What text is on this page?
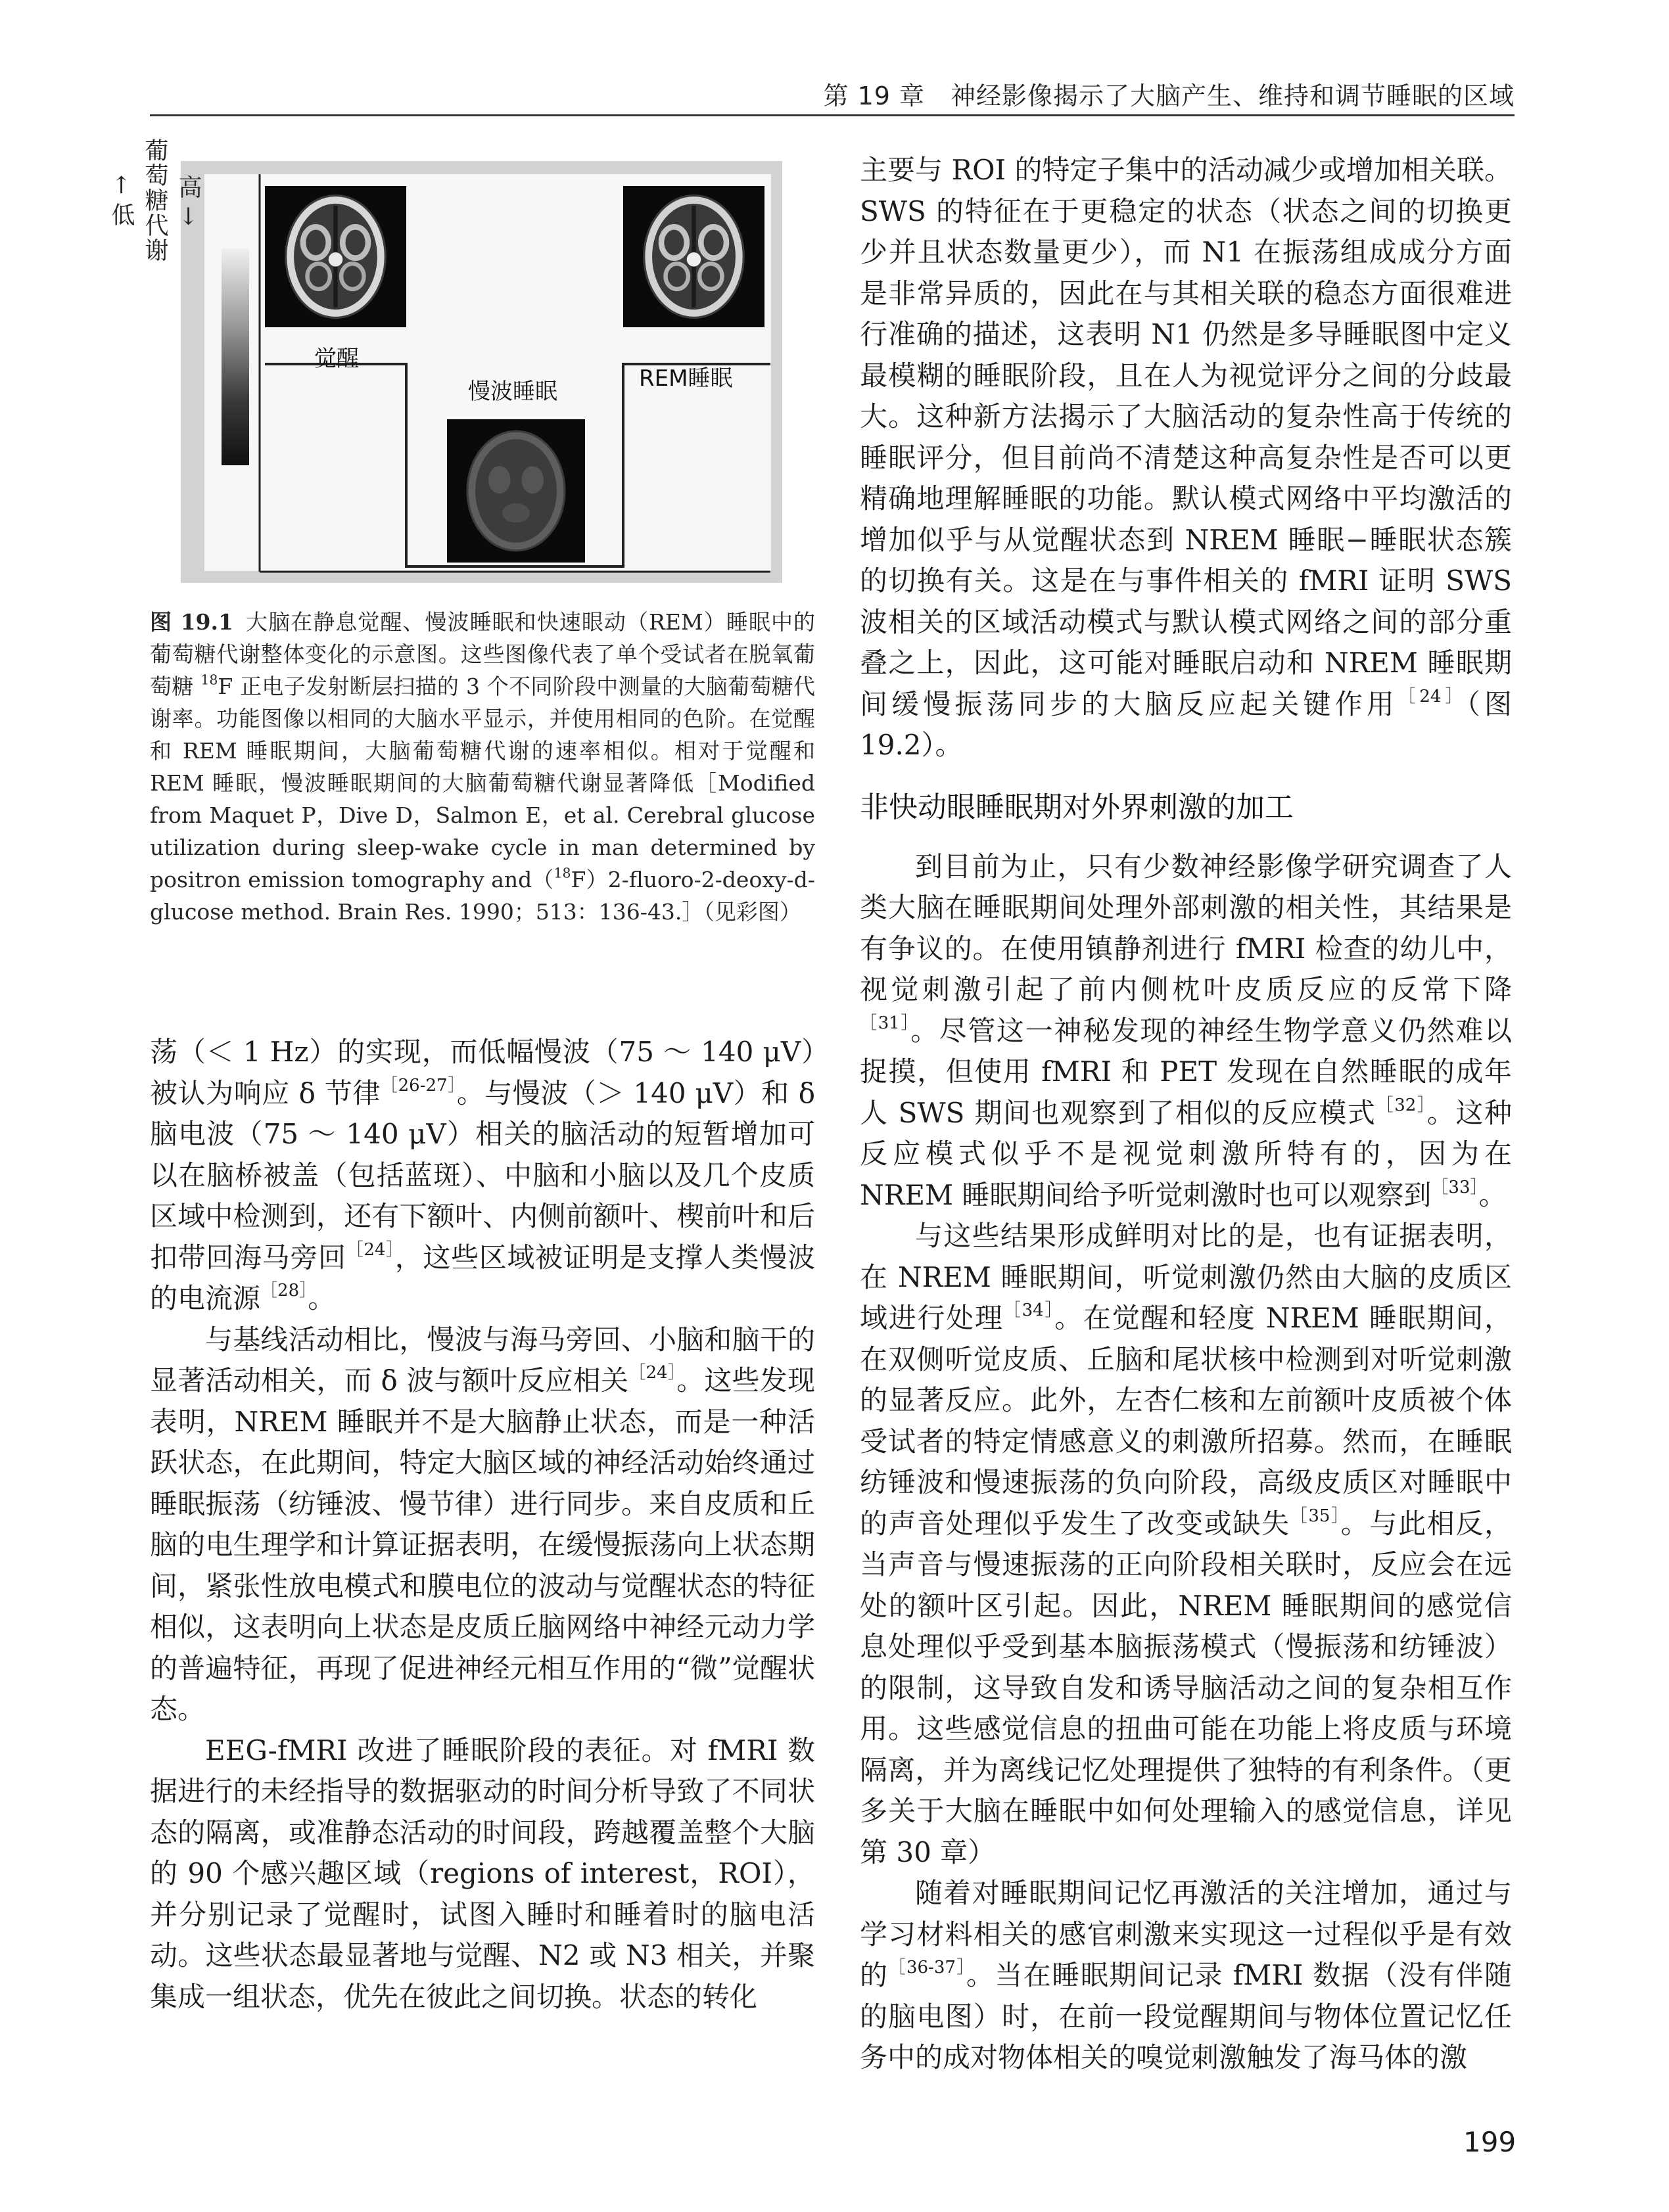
第 19 章　神经影像揭示了大脑产生、维持和调节睡眠的区域
高 →
葡萄糖代谢
← 低
觉醒
慢波睡眠	REM睡眠
图 19.1 大脑在静息觉醒、慢波睡眠和快速眼动（REM）睡眠中的葡萄糖代谢整体变化的示意图。这些图像代表了单个受试者在脱氧葡萄糖 $^{18}$F 正电子发射断层扫描的 3 个不同阶段中测量的大脑葡萄糖代谢率。功能图像以相同的大脑水平显示，并使用相同的色阶。在觉醒和 REM 睡眠期间，大脑葡萄糖代谢的速率相似。相对于觉醒和 REM 睡眠，慢波睡眠期间的大脑葡萄糖代谢显著降低［Modified from Maquet P，Dive D，Salmon E，et al. Cerebral glucose utilization during sleep-wake cycle in man determined by positron emission tomography and（$^{18}$F）2-fluoro-2-deoxy-d-glucose method. Brain Res. 1990；513：136-43.］（见彩图）

荡（＜ 1 Hz）的实现，而低幅慢波（75 ～ 140 μV）被认为响应 δ 节律$^{[26-27]}$。与慢波（＞ 140 μV）和 δ 脑电波（75 ～ 140 μV）相关的脑活动的短暂增加可以在脑桥被盖（包括蓝斑）、中脑和小脑以及几个皮质区域中检测到，还有下额叶、内侧前额叶、楔前叶和后扣带回海马旁回$^{[24]}$，这些区域被证明是支撑人类慢波的电流源$^{[28]}$。

与基线活动相比，慢波与海马旁回、小脑和脑干的显著活动相关，而 δ 波与额叶反应相关$^{[24]}$。这些发现表明，NREM 睡眠并不是大脑静止状态，而是一种活跃状态，在此期间，特定大脑区域的神经活动始终通过睡眠振荡（纺锤波、慢节律）进行同步。来自皮质和丘脑的电生理学和计算证据表明，在缓慢振荡向上状态期间，紧张性放电模式和膜电位的波动与觉醒状态的特征相似，这表明向上状态是皮质丘脑网络中神经元动力学的普遍特征，再现了促进神经元相互作用的“微”觉醒状态。

EEG-fMRI 改进了睡眠阶段的表征。对 fMRI 数据进行的未经指导的数据驱动的时间分析导致了不同状态的隔离，或准静态活动的时间段，跨越覆盖整个大脑的 90 个感兴趣区域（regions of interest，ROI），并分别记录了觉醒时，试图入睡时和睡着时的脑电活动。这些状态最显著地与觉醒、N2 或 N3 相关，并聚集成一组状态，优先在彼此之间切换。状态的转化

主要与 ROI 的特定子集中的活动减少或增加相关联。SWS 的特征在于更稳定的状态（状态之间的切换更少并且状态数量更少），而 N1 在振荡组成成分方面是非常异质的，因此在与其相关联的稳态方面很难进行准确的描述，这表明 N1 仍然是多导睡眠图中定义最模糊的睡眠阶段，且在人为视觉评分之间的分歧最大。这种新方法揭示了大脑活动的复杂性高于传统的睡眠评分，但目前尚不清楚这种高复杂性是否可以更精确地理解睡眠的功能。默认模式网络中平均激活的增加似乎与从觉醒状态到 NREM 睡眠−睡眠状态簇的切换有关。这是在与事件相关的 fMRI 证明 SWS 波相关的区域活动模式与默认模式网络之间的部分重叠之上，因此，这可能对睡眠启动和 NREM 睡眠期间缓慢振荡同步的大脑反应起关键作用$^{[24]}$（图 19.2）。

非快动眼睡眠期对外界刺激的加工

到目前为止，只有少数神经影像学研究调查了人类大脑在睡眠期间处理外部刺激的相关性，其结果是有争议的。在使用镇静剂进行 fMRI 检查的幼儿中，视觉刺激引起了前内侧枕叶皮质反应的反常下降$^{[31]}$。尽管这一神秘发现的神经生物学意义仍然难以捉摸，但使用 fMRI 和 PET 发现在自然睡眠的成年人 SWS 期间也观察到了相似的反应模式$^{[32]}$。这种反应模式似乎不是视觉刺激所特有的，因为在 NREM 睡眠期间给予听觉刺激时也可以观察到$^{[33]}$。

与这些结果形成鲜明对比的是，也有证据表明，在 NREM 睡眠期间，听觉刺激仍然由大脑的皮质区域进行处理$^{[34]}$。在觉醒和轻度 NREM 睡眠期间，在双侧听觉皮质、丘脑和尾状核中检测到对听觉刺激的显著反应。此外，左杏仁核和左前额叶皮质被个体受试者的特定情感意义的刺激所招募。然而，在睡眠纺锤波和慢速振荡的负向阶段，高级皮质区对睡眠中的声音处理似乎发生了改变或缺失$^{[35]}$。与此相反，当声音与慢速振荡的正向阶段相关联时，反应会在远处的额叶区引起。因此，NREM 睡眠期间的感觉信息处理似乎受到基本脑振荡模式（慢振荡和纺锤波）的限制，这导致自发和诱导脑活动之间的复杂相互作用。这些感觉信息的扭曲可能在功能上将皮质与环境隔离，并为离线记忆处理提供了独特的有利条件。（更多关于大脑在睡眠中如何处理输入的感觉信息，详见第 30 章）

随着对睡眠期间记忆再激活的关注增加，通过与学习材料相关的感官刺激来实现这一过程似乎是有效的$^{[36-37]}$。当在睡眠期间记录 fMRI 数据（没有伴随的脑电图）时，在前一段觉醒期间与物体位置记忆任务中的成对物体相关的嗅觉刺激触发了海马体的激

199
